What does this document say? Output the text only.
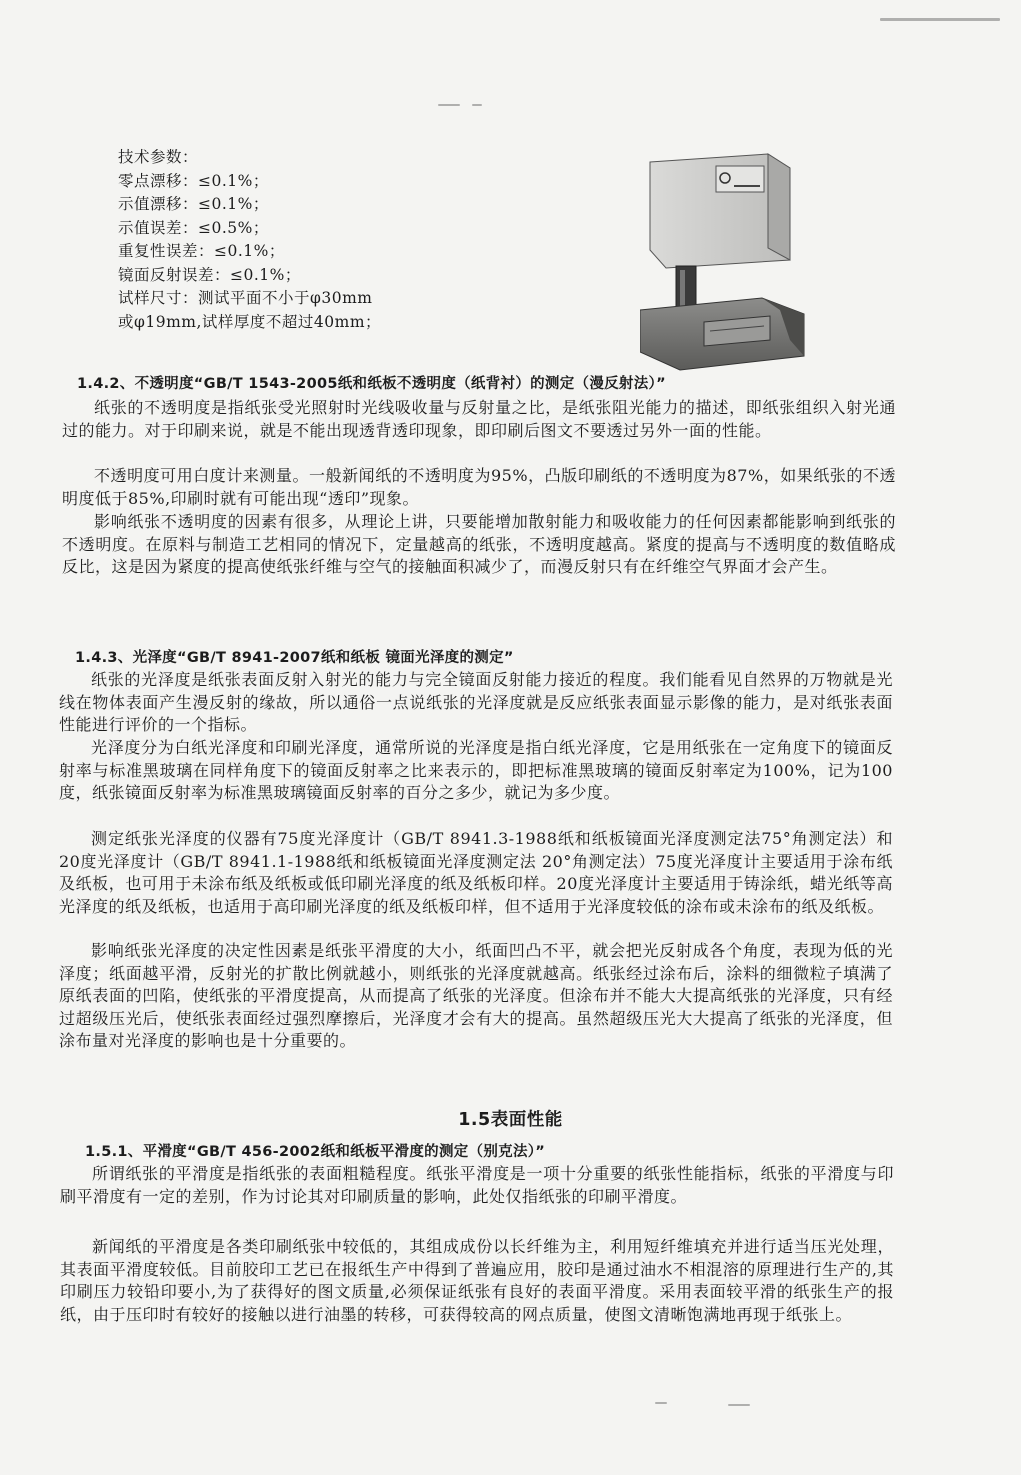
技术参数：
零点漂移：≤0.1%；
示值漂移：≤0.1%；
示值误差：≤0.5%；
重复性误差：≤0.1%；
镜面反射误差：≤0.1%；
试样尺寸：测试平面不小于φ30mm
或φ19mm,试样厚度不超过40mm；
1.4.2、不透明度“GB/T 1543-2005纸和纸板不透明度（纸背衬）的测定（漫反射法）”

纸张的不透明度是指纸张受光照射时光线吸收量与反射量之比，是纸张阻光能力的描述，即纸张组织入射光通过的能力。对于印刷来说，就是不能出现透背透印现象，即印刷后图文不要透过另外一面的性能。

不透明度可用白度计来测量。一般新闻纸的不透明度为95%，凸版印刷纸的不透明度为87%，如果纸张的不透明度低于85%,印刷时就有可能出现“透印”现象。

影响纸张不透明度的因素有很多，从理论上讲，只要能增加散射能力和吸收能力的任何因素都能影响到纸张的不透明度。在原料与制造工艺相同的情况下，定量越高的纸张，不透明度越高。紧度的提高与不透明度的数值略成反比，这是因为紧度的提高使纸张纤维与空气的接触面积减少了，而漫反射只有在纤维空气界面才会产生。

1.4.3、光泽度“GB/T 8941-2007纸和纸板 镜面光泽度的测定”

纸张的光泽度是纸张表面反射入射光的能力与完全镜面反射能力接近的程度。我们能看见自然界的万物就是光线在物体表面产生漫反射的缘故，所以通俗一点说纸张的光泽度就是反应纸张表面显示影像的能力，是对纸张表面性能进行评价的一个指标。

光泽度分为白纸光泽度和印刷光泽度，通常所说的光泽度是指白纸光泽度，它是用纸张在一定角度下的镜面反射率与标准黑玻璃在同样角度下的镜面反射率之比来表示的，即把标准黑玻璃的镜面反射率定为100%，记为100度，纸张镜面反射率为标准黑玻璃镜面反射率的百分之多少，就记为多少度。

测定纸张光泽度的仪器有75度光泽度计（GB/T 8941.3-1988纸和纸板镜面光泽度测定法75°角测定法）和20度光泽度计（GB/T 8941.1-1988纸和纸板镜面光泽度测定法 20°角测定法）75度光泽度计主要适用于涂布纸及纸板，也可用于未涂布纸及纸板或低印刷光泽度的纸及纸板印样。20度光泽度计主要适用于铸涂纸，蜡光纸等高光泽度的纸及纸板，也适用于高印刷光泽度的纸及纸板印样，但不适用于光泽度较低的涂布或未涂布的纸及纸板。

影响纸张光泽度的决定性因素是纸张平滑度的大小，纸面凹凸不平，就会把光反射成各个角度，表现为低的光泽度；纸面越平滑，反射光的扩散比例就越小，则纸张的光泽度就越高。纸张经过涂布后，涂料的细微粒子填满了原纸表面的凹陷，使纸张的平滑度提高，从而提高了纸张的光泽度。但涂布并不能大大提高纸张的光泽度，只有经过超级压光后，使纸张表面经过强烈摩擦后，光泽度才会有大的提高。虽然超级压光大大提高了纸张的光泽度，但涂布量对光泽度的影响也是十分重要的。

1.5表面性能
1.5.1、平滑度“GB/T 456-2002纸和纸板平滑度的测定（别克法）”

所谓纸张的平滑度是指纸张的表面粗糙程度。纸张平滑度是一项十分重要的纸张性能指标，纸张的平滑度与印刷平滑度有一定的差别，作为讨论其对印刷质量的影响，此处仅指纸张的印刷平滑度。

新闻纸的平滑度是各类印刷纸张中较低的，其组成成份以长纤维为主，利用短纤维填充并进行适当压光处理，其表面平滑度较低。目前胶印工艺已在报纸生产中得到了普遍应用，胶印是通过油水不相混溶的原理进行生产的,其印刷压力较铅印要小,为了获得好的图文质量,必须保证纸张有良好的表面平滑度。采用表面较平滑的纸张生产的报纸，由于压印时有较好的接触以进行油墨的转移，可获得较高的网点质量，使图文清晰饱满地再现于纸张上。
